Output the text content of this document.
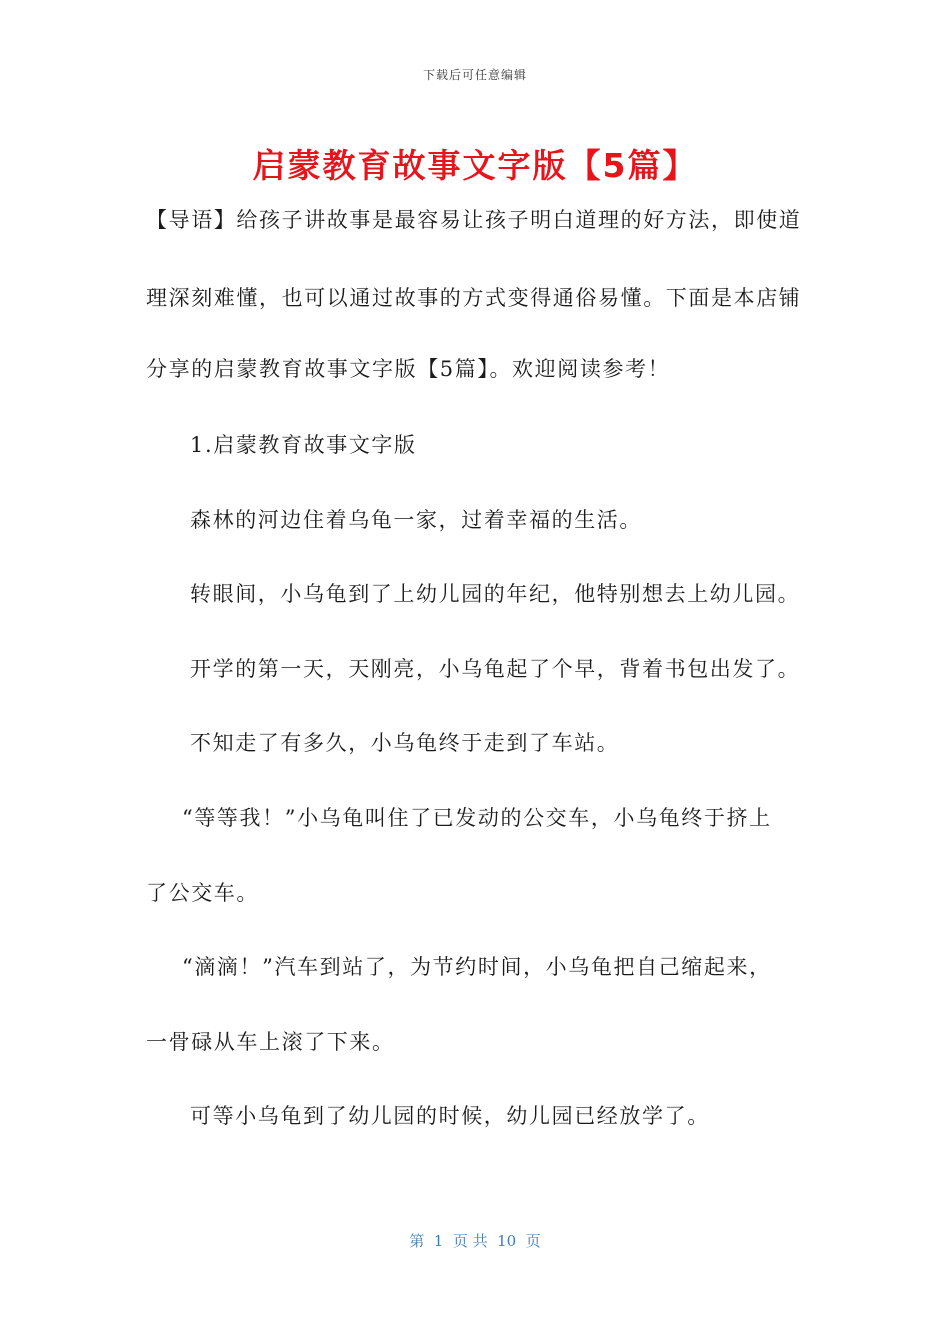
下载后可任意编辑
启蒙教育故事文字版【5篇】
【导语】给孩子讲故事是最容易让孩子明白道理的好方法，即使道
理深刻难懂，也可以通过故事的方式变得通俗易懂。下面是本店铺
分享的启蒙教育故事文字版【5篇】。欢迎阅读参考！
1.启蒙教育故事文字版
森林的河边住着乌龟一家，过着幸福的生活。
转眼间，小乌龟到了上幼儿园的年纪，他特别想去上幼儿园。
开学的第一天，天刚亮，小乌龟起了个早，背着书包出发了。
不知走了有多久，小乌龟终于走到了车站。
“等等我！”小乌龟叫住了已发动的公交车，小乌龟终于挤上
了公交车。
“滴滴！”汽车到站了，为节约时间，小乌龟把自己缩起来，
一骨碌从车上滚了下来。
可等小乌龟到了幼儿园的时候，幼儿园已经放学了。
第  1  页 共  10  页
